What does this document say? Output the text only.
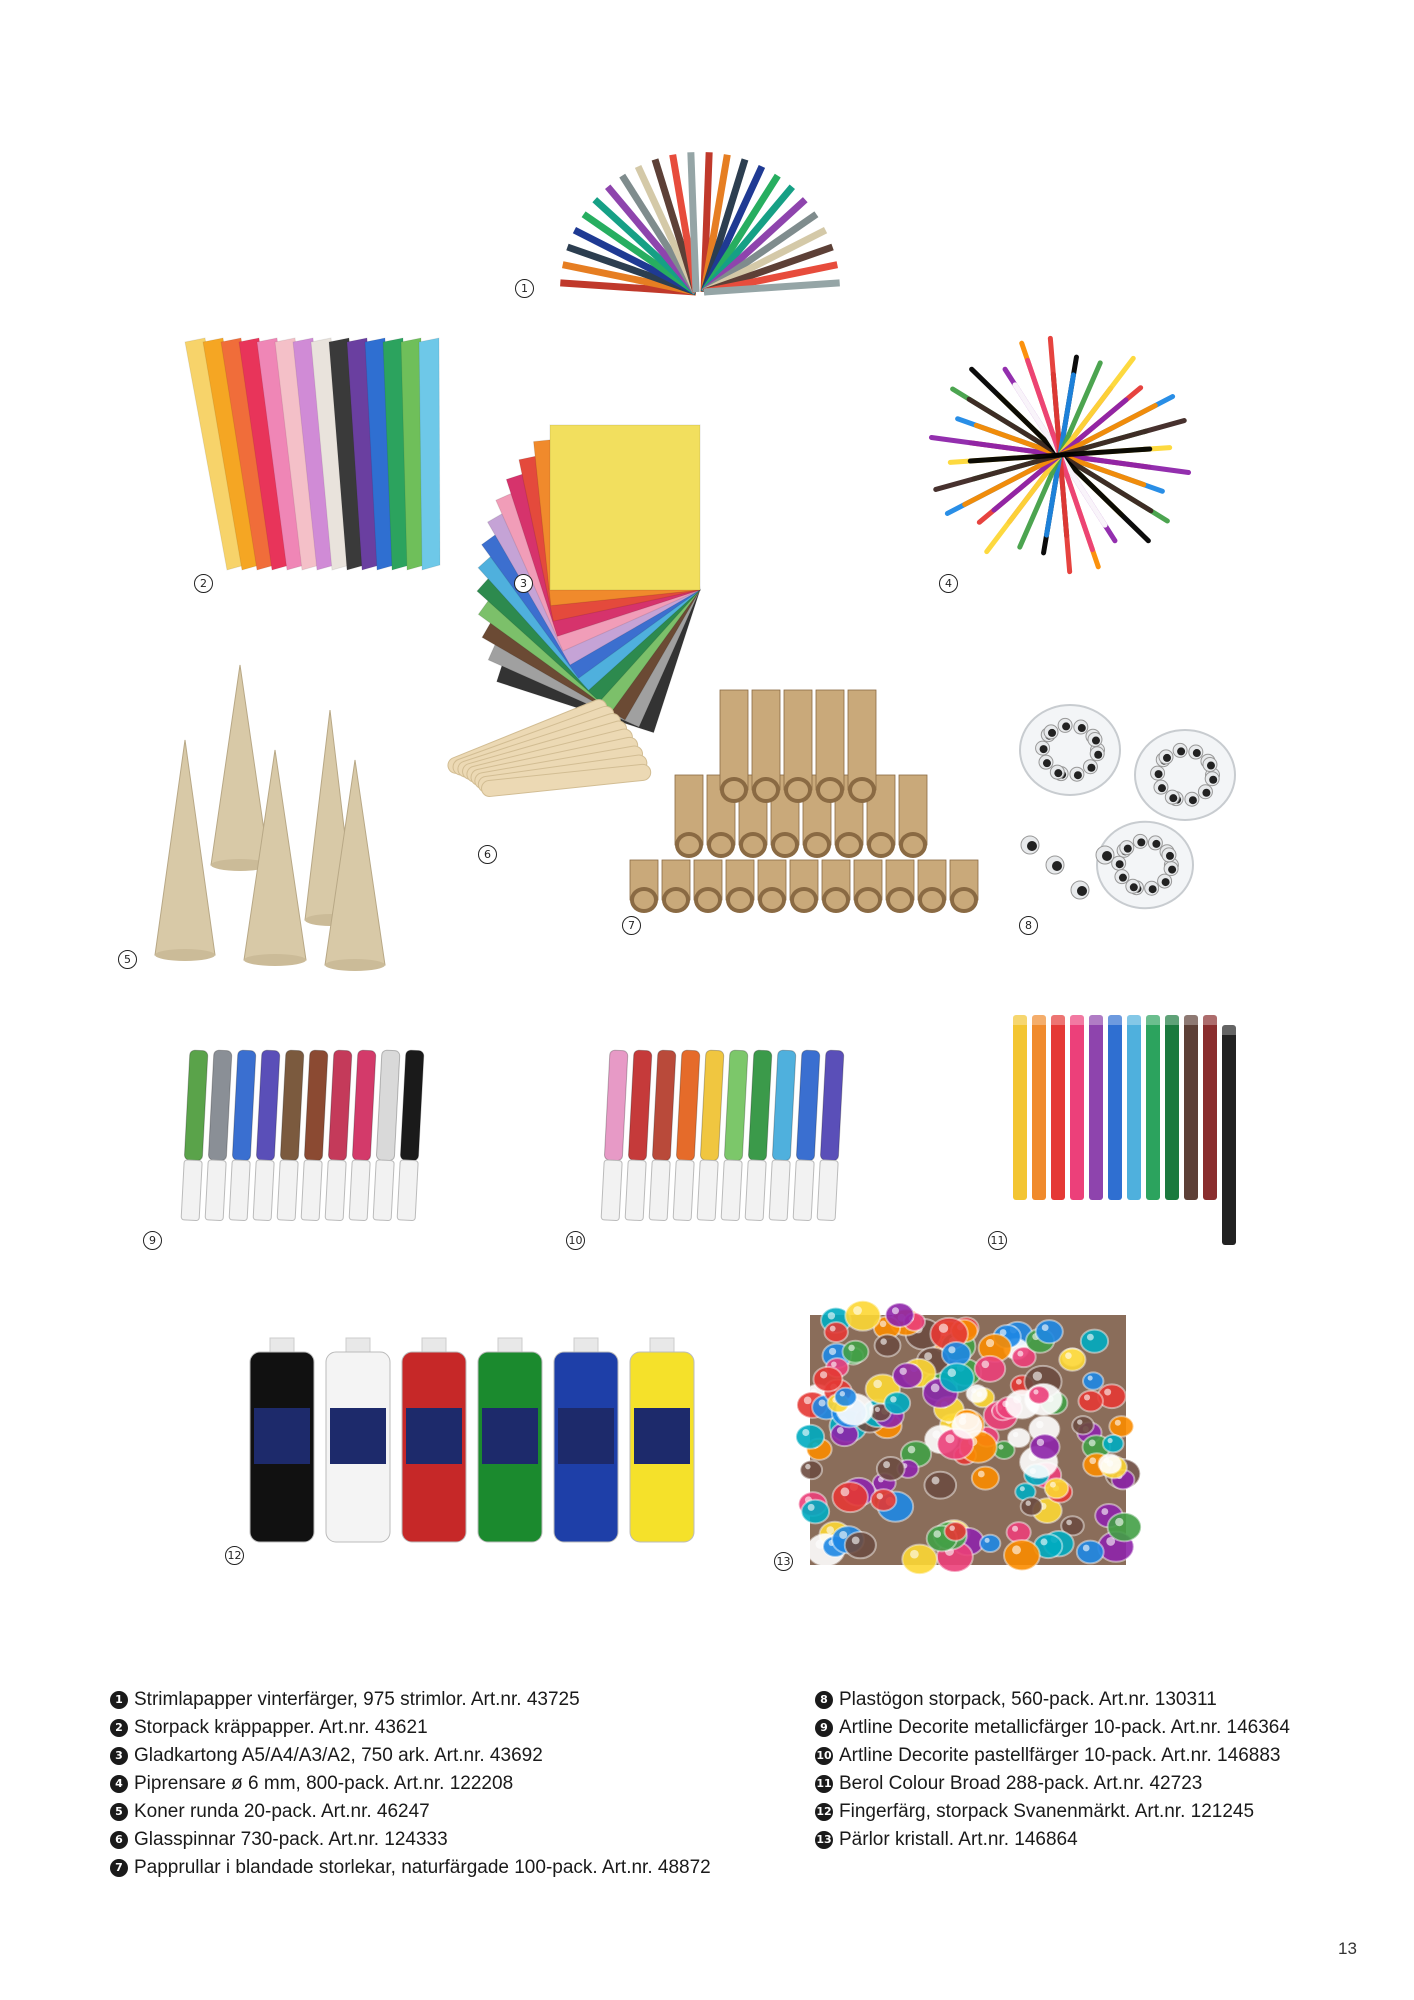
1
2	3	4
5
6
7	8
9	10	11
12	13
1 Strimlapapper vinterfärger, 975 strimlor. Art.nr. 43725
2 Storpack kräppapper. Art.nr. 43621
3 Gladkartong A5/A4/A3/A2, 750 ark. Art.nr. 43692
4 Piprensare ø 6 mm, 800-pack. Art.nr. 122208
5 Koner runda 20-pack. Art.nr. 46247
6 Glasspinnar 730-pack. Art.nr. 124333
7 Papprullar i blandade storlekar, naturfärgade 100-pack. Art.nr. 48872
8 Plastögon storpack, 560-pack. Art.nr. 130311
9 Artline Decorite metallicfärger 10-pack. Art.nr. 146364
10 Artline Decorite pastellfärger 10-pack. Art.nr. 146883
11 Berol Colour Broad 288-pack. Art.nr. 42723
12 Fingerfärg, storpack Svanenmärkt. Art.nr. 121245
13 Pärlor kristall. Art.nr. 146864
13
